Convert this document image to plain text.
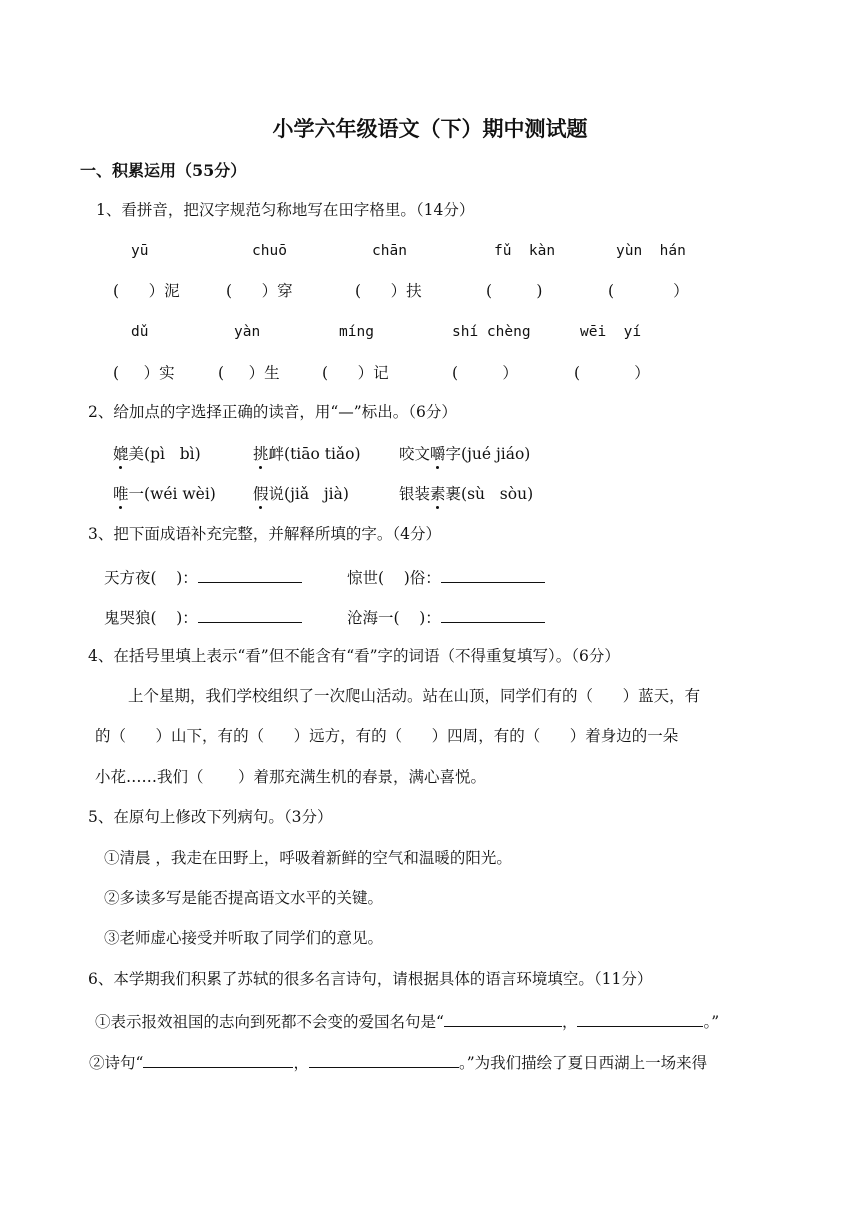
小学六年级语文（下）期中测试题
一、积累运用（55分）
1、看拼音，把汉字规范匀称地写在田字格里。（14分）
yū	chuō	chān	fǔ  kàn	yùn  hán
(      ）泥	(      ）穿	(      ）扶	(         )	(            ）
dǔ	yàn	míng	shí chèng	wēi  yí
(     ）实	(     ）生	(      ）记	(         ）	(           ）
2、给加点的字选择正确的读音，用“—”标出。（6分）
媲美(pì   bì)	挑衅(tiāo tiǎo) 咬文嚼字(jué jiáo)
唯一(wéi wèi) 假说(jiǎ   jià)	银装素裹(sù   sòu)
3、把下面成语补充完整，并解释所填的字。（4分）
天方夜(    )：	惊世(    )俗：
鬼哭狼(    )：	沧海一(    )：
4、在括号里填上表示“看”但不能含有“看”字的词语（不得重复填写）。（6分）
上个星期，我们学校组织了一次爬山活动。站在山顶，同学们有的（      ）蓝天，有
的（      ）山下，有的（      ）远方，有的（      ）四周，有的（      ）着身边的一朵
小花……我们（       ）着那充满生机的春景，满心喜悦。
5、在原句上修改下列病句。（3分）
①清晨 ，我走在田野上，呼吸着新鲜的空气和温暖的阳光。
②多读多写是能否提高语文水平的关键。
③老师虚心接受并听取了同学们的意见。
6、本学期我们积累了苏轼的很多名言诗句，请根据具体的语言环境填空。（11分）
①表示报效祖国的志向到死都不会变的爱国名句是“	，	。”
②诗句“	，	。”为我们描绘了夏日西湖上一场来得
